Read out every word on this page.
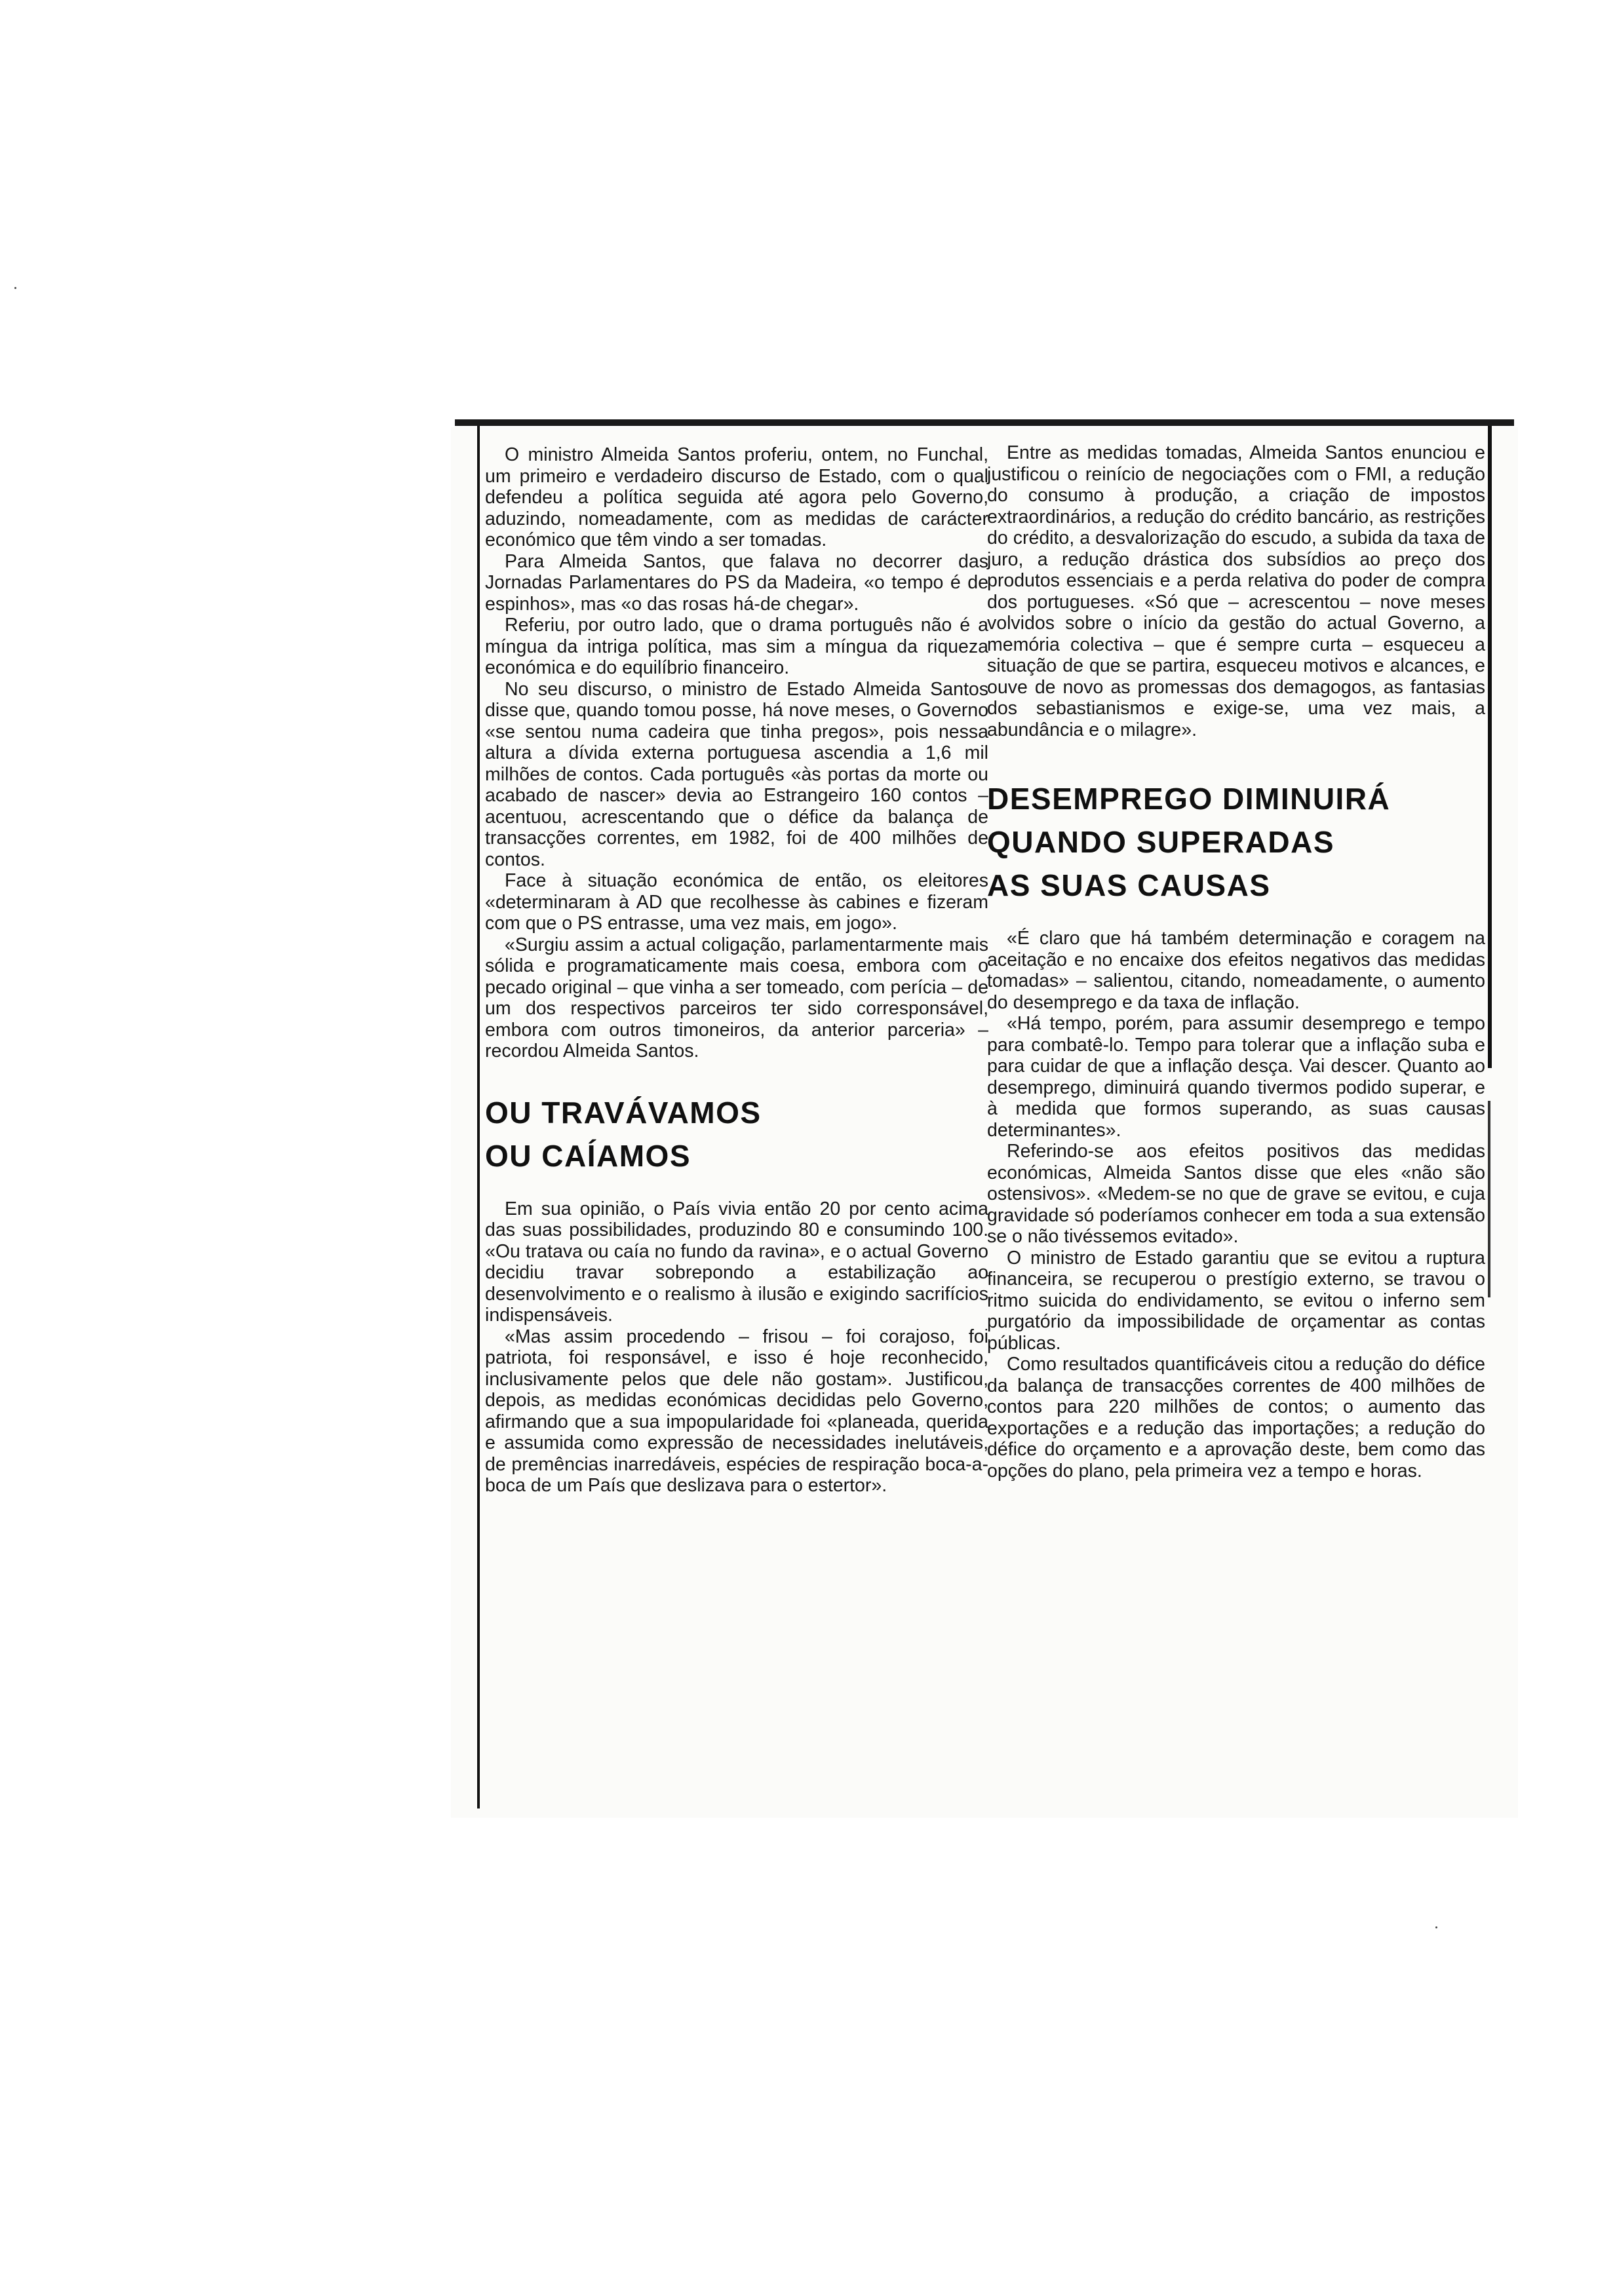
O ministro Almeida Santos proferiu, ontem, no Funchal, um primeiro e verdadeiro discurso de Estado, com o qual defendeu a política seguida até agora pelo Governo, aduzindo, nomeadamente, com as medidas de carácter económico que têm vindo a ser tomadas.

Para Almeida Santos, que falava no decorrer das Jornadas Parlamentares do PS da Madeira, «o tempo é de espinhos», mas «o das rosas há-de chegar».

Referiu, por outro lado, que o drama português não é a míngua da intriga política, mas sim a míngua da riqueza económica e do equilíbrio financeiro.

No seu discurso, o ministro de Estado Almeida Santos disse que, quando tomou posse, há nove meses, o Governo «se sentou numa cadeira que tinha pregos», pois nessa altura a dívida externa portuguesa ascendia a 1,6 mil milhões de contos. Cada português «às portas da morte ou acabado de nascer» devia ao Estrangeiro 160 contos – acentuou, acrescentando que o défice da balança de transacções correntes, em 1982, foi de 400 milhões de contos.

Face à situação económica de então, os eleitores «determinaram à AD que recolhesse às cabines e fizeram com que o PS entrasse, uma vez mais, em jogo».

«Surgiu assim a actual coligação, parlamentarmente mais sólida e programaticamente mais coesa, embora com o pecado original – que vinha a ser tomeado, com perícia – de um dos respectivos parceiros ter sido corresponsável, embora com outros timoneiros, da anterior parceria» – recordou Almeida Santos.

OU TRAVÁVAMOS
OU CAÍAMOS

Em sua opinião, o País vivia então 20 por cento acima das suas possibilidades, produzindo 80 e consumindo 100. «Ou tratava ou caía no fundo da ravina», e o actual Governo decidiu travar sobrepondo a estabilização ao desenvolvimento e o realismo à ilusão e exigindo sacrifícios indispensáveis.

«Mas assim procedendo – frisou – foi corajoso, foi patriota, foi responsável, e isso é hoje reconhecido, inclusivamente pelos que dele não gostam». Justificou, depois, as medidas económicas decididas pelo Governo, afirmando que a sua impopularidade foi «planeada, querida e assumida como expressão de necessidades inelutáveis, de premências inarredáveis, espécies de respiração boca-a-boca de um País que deslizava para o estertor».

Entre as medidas tomadas, Almeida Santos enunciou e justificou o reinício de negociações com o FMI, a redução do consumo à produção, a criação de impostos extraordinários, a redução do crédito bancário, as restrições do crédito, a desvalorização do escudo, a subida da taxa de juro, a redução drástica dos subsídios ao preço dos produtos essenciais e a perda relativa do poder de compra dos portugueses. «Só que – acrescentou – nove meses volvidos sobre o início da gestão do actual Governo, a memória colectiva – que é sempre curta – esqueceu a situação de que se partira, esqueceu motivos e alcances, e ouve de novo as promessas dos demagogos, as fantasias dos sebastianismos e exige-se, uma vez mais, a abundância e o milagre».

DESEMPREGO DIMINUIRÁ
QUANDO SUPERADAS
AS SUAS CAUSAS

«É claro que há também determinação e coragem na aceitação e no encaixe dos efeitos negativos das medidas tomadas» – salientou, citando, nomeadamente, o aumento do desemprego e da taxa de inflação.

«Há tempo, porém, para assumir desemprego e tempo para combatê-lo. Tempo para tolerar que a inflação suba e para cuidar de que a inflação desça. Vai descer. Quanto ao desemprego, diminuirá quando tivermos podido superar, e à medida que formos superando, as suas causas determinantes».

Referindo-se aos efeitos positivos das medidas económicas, Almeida Santos disse que eles «não são ostensivos». «Medem-se no que de grave se evitou, e cuja gravidade só poderíamos conhecer em toda a sua extensão se o não tivéssemos evitado».

O ministro de Estado garantiu que se evitou a ruptura financeira, se recuperou o prestígio externo, se travou o ritmo suicida do endividamento, se evitou o inferno sem purgatório da impossibilidade de orçamentar as contas públicas.

Como resultados quantificáveis citou a redução do défice da balança de transacções correntes de 400 milhões de contos para 220 milhões de contos; o aumento das exportações e a redução das importações; a redução do défice do orçamento e a aprovação deste, bem como das opções do plano, pela primeira vez a tempo e horas.
